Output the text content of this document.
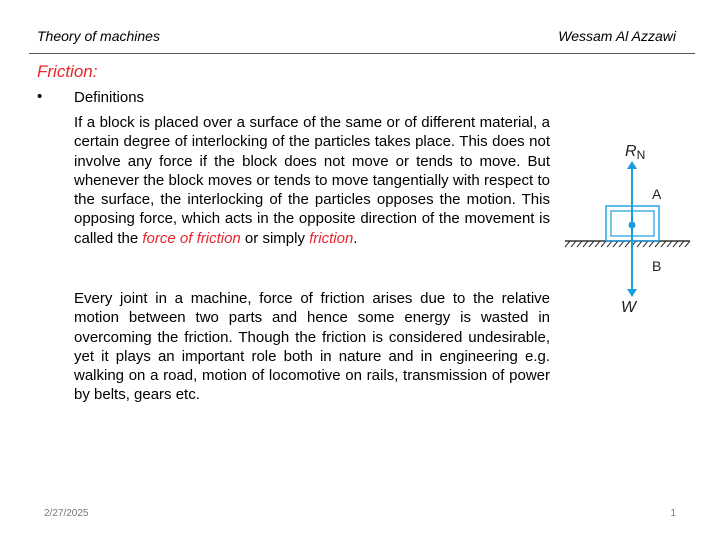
Theory of machines	Wessam Al Azzawi
Friction:
• Definitions

If a block is placed over a surface of the same or of different material, a certain degree of interlocking of the particles takes place. This does not involve any force if the block does not move or tends to move. But whenever the block moves or tends to move tangentially with respect to the surface, the interlocking of the particles opposes the motion. This opposing force, which acts in the opposite direction of the movement is called the force of friction or simply friction.

Every joint in a machine, force of friction arises due to the relative motion between two parts and hence some energy is wasted in overcoming the friction. Though the friction is considered undesirable, yet it plays an important role both in nature and in engineering e.g. walking on a road, motion of locomotive on rails, transmission of power by belts, gears etc.

RN
A
B
W
2/27/2025	1
